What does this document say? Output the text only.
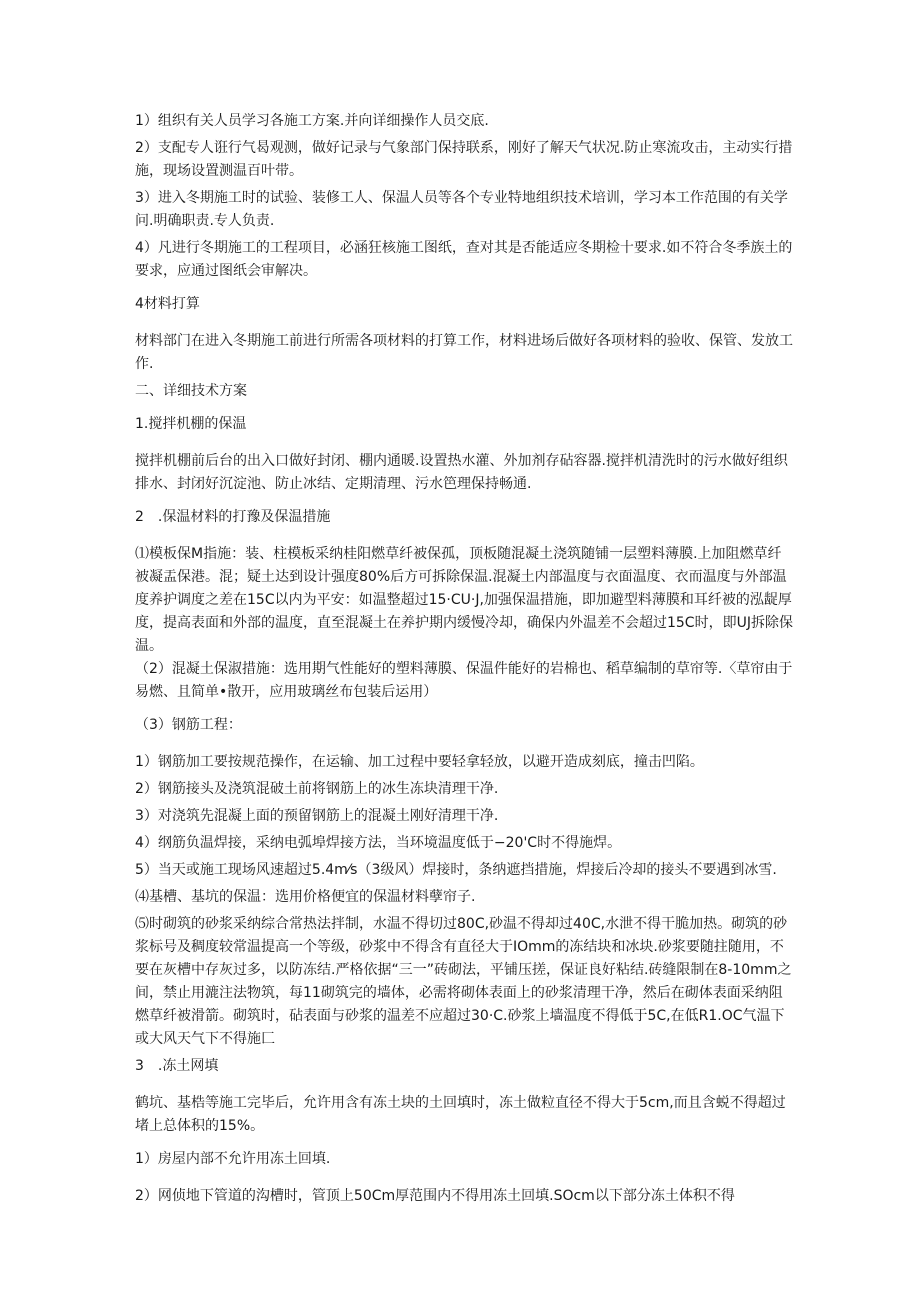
1）组织有关人员学习各施工方案.并向详细操作人员交底.

2）支配专人诳行气曷观测，做好记录与气象部门保持联系，刚好了解天气状况.防止寒流攻击，主动实行措施，现场设置测温百叶带。

3）进入冬期施工时的试验、装修工人、保温人员等各个专业特地组织技术培训，学习本工作范围的有关学问.明确职责.专人负责.

4）凡进行冬期施工的工程项目，必涵狂核施工图纸，查对其是否能适应冬期检十要求.如不符合冬季族土的要求，应通过图纸会审解决。

4材料打算

材料部门在进入冬期施工前进行所需各项材料的打算工作，材料进场后做好各项材料的验收、保管、发放工作.

二、详细技术方案

1.搅拌机棚的保温

搅拌机棚前后台的出入口做好封闭、棚内通暖.设置热水灌、外加剂存砧容器.搅拌机清洗时的污水做好组织排水、封闭好沉淀池、防止冰结、定期清理、污水笆理保持畅通.

2　.保温材料的打豫及保温措施

⑴模板保M指施：装、柱模板采纳桂阳燃草纤被保孤，顶板随混凝土浇筑随铺一层塑料薄膜.上加阻燃草纤被凝盂保港。混；疑土达到设计强度80%后方可拆除保温.混凝土内部温度与衣面温度、衣而温度与外部温度养护调度之差在15C以内为平安：如温整超过15·CU·J,加强保温措施，即加避型料薄膜和耳纤被的泓龊厚度，提高表面和外部的温度，直至混凝土在养护期内缓慢冷却，确保内外温差不会超过15C时，即UJ拆除保温。

（2）混凝土保淑措施：选用期气性能好的塑料薄膜、保温件能好的岩棉也、稻草编制的草帘等.〈草帘由于易燃、且简单•散开，应用玻璃丝布包装后运用）

（3）钢筋工程：

1）钢筋加工要按规范操作，在运输、加工过程中要轻拿轻放，以避开造成刻底，撞击凹陷。

2）钢筋接头及浇筑混破土前将钢筋上的冰生冻块清理干净.

3）对浇筑先混凝上面的预留钢筋上的混凝土刚好清理干净.

4）纲筋负温焊接，采纳电弧埠焊接方法，当环境温度低于−20'C时不得施焊。

5）当天或施工现场风速超过5.4m⁄s（3级风）焊接时，条纳遮挡措施，焊接后冷却的接头不要遇到冰雪.

⑷基槽、基坑的保温：选用价格便宜的保温材料孽帘子.

⑸时砌筑的砂浆采纳综合常热法拌制，水温不得切过80C,砂温不得却过40C,水泄不得干脆加热。砌筑的砂浆标号及稠度较常温提高一个等级，砂浆中不得含有直径大于IOmm的冻结块和冰块.砂浆要随拄随用，不要在灰槽中存灰过多，以防冻结.严格依据“三一”砖砌法，平铺压搓，保证良好粘结.砖缝限制在8-10mm之间，禁止用漉注法物筑，每11砌筑完的墙体，必需将砌体表面上的砂浆清理干净，然后在砌体表面采纳阻燃草纤被滑箭。砌筑时，砧表面与砂浆的温差不应超过30·C.砂浆上墙温度不得低于5C,在低R1.OC气温下或大风天气下不得施匚

3　.冻土网填

鹤坑、基梏等施工完毕后，允许用含有冻土块的土回填时，冻土做粒直径不得大于5cm,而且含蜕不得超过堵上总体积的15%。

1）房屋内部不允许用冻土回填.

2）网侦地下管道的沟槽时，管顶上50Cm厚范围内不得用冻土回填.SOcm以下部分冻土体积不得
